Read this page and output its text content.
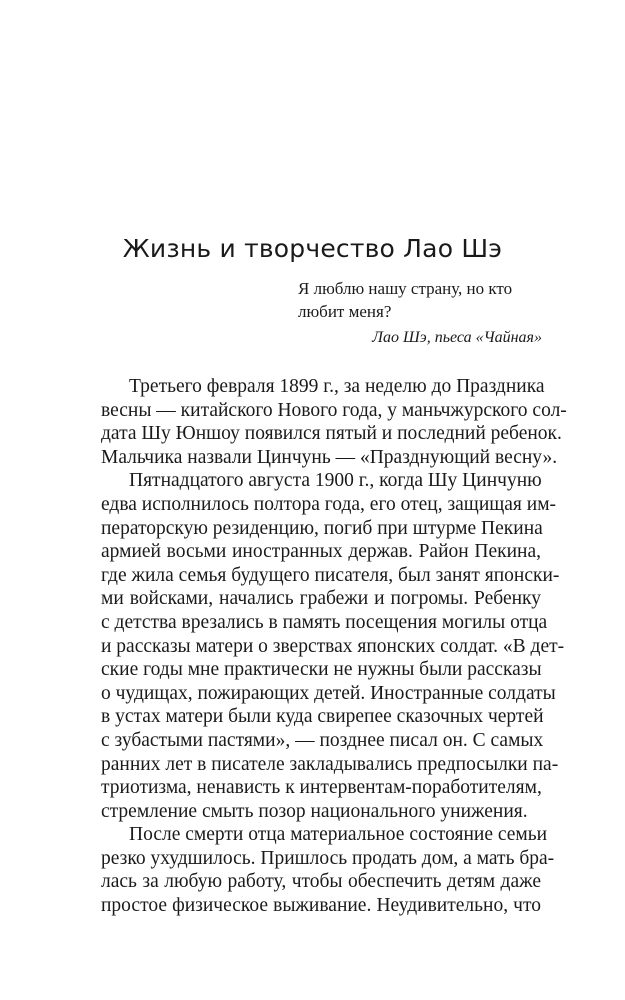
Жизнь и творчество Лао Шэ
Я люблю нашу страну, но кто
любит меня?

Лао Шэ, пьеса «Чайная»

Третьего февраля 1899 г., за неделю до Праздника
весны — китайского Нового года, у маньчжурского сол-
дата Шу Юншоу появился пятый и последний ребенок.
Мальчика назвали Цинчунь — «Празднующий весну».
Пятнадцатого августа 1900 г., когда Шу Цинчуню
едва исполнилось полтора года, его отец, защищая им-
ператорскую резиденцию, погиб при штурме Пекина
армией восьми иностранных держав. Район Пекина,
где жила семья будущего писателя, был занят японски-
ми войсками, начались грабежи и погромы. Ребенку
с детства врезались в память посещения могилы отца
и рассказы матери о зверствах японских солдат. «В дет-
ские годы мне практически не нужны были рассказы
о чудищах, пожирающих детей. Иностранные солдаты
в устах матери были куда свирепее сказочных чертей
с зубастыми пастями», — позднее писал он. С самых
ранних лет в писателе закладывались предпосылки па-
триотизма, ненависть к интервентам-поработителям,
стремление смыть позор национального унижения.
После смерти отца материальное состояние семьи
резко ухудшилось. Пришлось продать дом, а мать бра-
лась за любую работу, чтобы обеспечить детям даже
простое физическое выживание. Неудивительно, что
